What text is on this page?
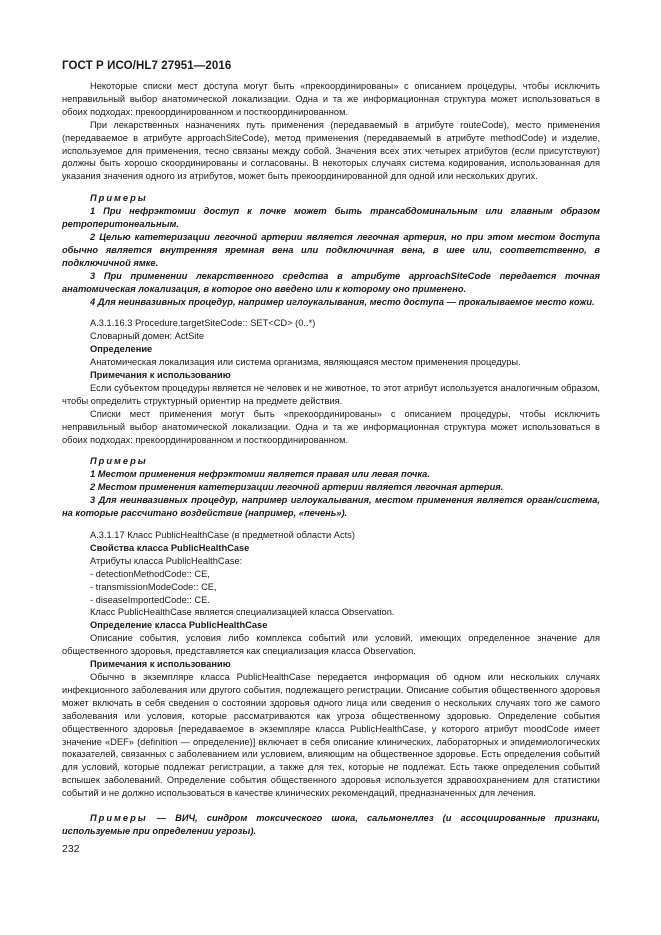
ГОСТ Р ИСО/HL7 27951—2016

Некоторые списки мест доступа могут быть «прекоординированы» с описанием процедуры, чтобы исключить неправильный выбор анатомической локализации. Одна и та же информационная структура может использоваться в обоих подходах: прекоординированном и посткоординированном.

При лекарственных назначениях путь применения (передаваемый в атрибуте routeCode), место применения (передаваемое в атрибуте approachSiteCode), метод применения (передаваемый в атрибуте methodCode) и изделие, используемое для применения, тесно связаны между собой. Значения всех этих четырех атрибутов (если присутствуют) должны быть хорошо скоординированы и согласованы. В некоторых случаях система кодирования, использованная для указания значения одного из атрибутов, может быть прекоординированной для одной или нескольких других.

Примеры

1 При нефрэктомии доступ к почке может быть трансабдоминальным или главным образом ретроперитонеальным.

2 Целью катетеризации легочной артерии является легочная артерия, но при этом местом доступа обычно является внутренняя яремная вена или подключичная вена, в шее или, соответственно, в подключичной ямке.

3 При применении лекарственного средства в атрибуте approachSiteCode передается точная анатомическая локализация, в которое оно введено или к которому оно применено.

4 Для неинвазивных процедур, например иглоукалывания, место доступа — прокалываемое место кожи.

A.3.1.16.3 Procedure.targetSiteCode:: SET<CD> (0..*)

Словарный домен: ActSite

Определение

Анатомическая локализация или система организма, являющаяся местом применения процедуры.

Примечания к использованию

Если субъектом процедуры является не человек и не животное, то этот атрибут используется аналогичным образом, чтобы определить структурный ориентир на предмете действия.

Списки мест применения могут быть «прекоординированы» с описанием процедуры, чтобы исключить неправильный выбор анатомической локализации. Одна и та же информационная структура может использоваться в обоих подходах: прекоординированном и посткоординированном.

Примеры

1 Местом применения нефрэктомии является правая или левая почка.

2 Местом применения катетеризации легочной артерии является легочная артерия.

3 Для неинвазивных процедур, например иглоукалывания, местом применения является орган/система, на которые рассчитано воздействие (например, «печень»).

A.3.1.17 Класс PublicHealthCase (в предметной области Acts)

Свойства класса PublicHealthCase

Атрибуты класса PublicHealthCase:

- detectionMethodCode:: CE,

- transmissionModeCode:: CE,

- diseaseImportedCode:: CE.

Класс PublicHealthCase является специализацией класса Observation.

Определение класса PublicHealthCase

Описание события, условия либо комплекса событий или условий, имеющих определенное значение для общественного здоровья, представляется как специализация класса Observation.

Примечания к использованию

Обычно в экземпляре класса PublicHealthCase передается информация об одном или нескольких случаях инфекционного заболевания или другого события, подлежащего регистрации. Описание события общественного здоровья может включать в себя сведения о состоянии здоровья одного лица или сведения о нескольких случаях того же самого заболевания или условия, которые рассматриваются как угроза общественному здоровью. Определение события общественного здоровья [передаваемое в экземпляре класса PublicHealthCase, у которого атрибут moodCode имеет значение «DEF» (definition — определение)] включает в себя описание клинических, лабораторных и эпидемиологических показателей, связанных с заболеванием или условием, влияющим на общественное здоровье. Есть определения событий для условий, которые подлежат регистрации, а также для тех, которые не подлежат. Есть также определения событий вспышек заболеваний. Определение события общественного здоровья используется здравоохранением для статистики событий и не должно использоваться в качестве клинических рекомендаций, предназначенных для лечения.

Примеры — ВИЧ, синдром токсического шока, сальмонеллез (и ассоциированные признаки, используемые при определении угрозы).

232
